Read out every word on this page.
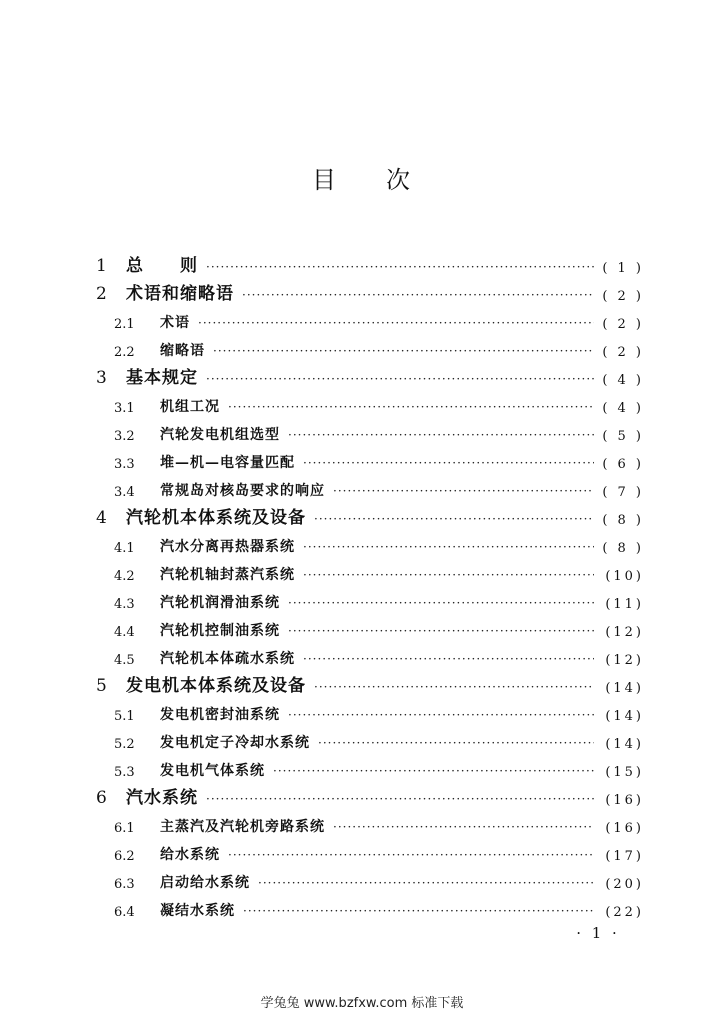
目 次
1	总　　则 ·····	( 1 )
2	术语和缩略语 ·····	( 2 )
2.1	术语 ·····	( 2 )
2.2	缩略语 ·····	( 2 )
3	基本规定 ·····	( 4 )
3.1	机组工况 ·····	( 4 )
3.2	汽轮发电机组选型 ·····	( 5 )
3.3	堆—机—电容量匹配 ·····	( 6 )
3.4	常规岛对核岛要求的响应 ·····	( 7 )
4	汽轮机本体系统及设备 ·····	( 8 )
4.1	汽水分离再热器系统 ·····	( 8 )
4.2	汽轮机轴封蒸汽系统 ·····	(10)
4.3	汽轮机润滑油系统 ·····	(11)
4.4	汽轮机控制油系统 ·····	(12)
4.5	汽轮机本体疏水系统 ·····	(12)
5	发电机本体系统及设备 ·····	(14)
5.1	发电机密封油系统 ·····	(14)
5.2	发电机定子冷却水系统 ·····	(14)
5.3	发电机气体系统 ·····	(15)
6	汽水系统 ·····	(16)
6.1	主蒸汽及汽轮机旁路系统 ·····	(16)
6.2	给水系统 ·····	(17)
6.3	启动给水系统 ·····	(20)
6.4	凝结水系统 ·····	(22)
· 1 ·
学兔兔 www.bzfxw.com 标准下载
